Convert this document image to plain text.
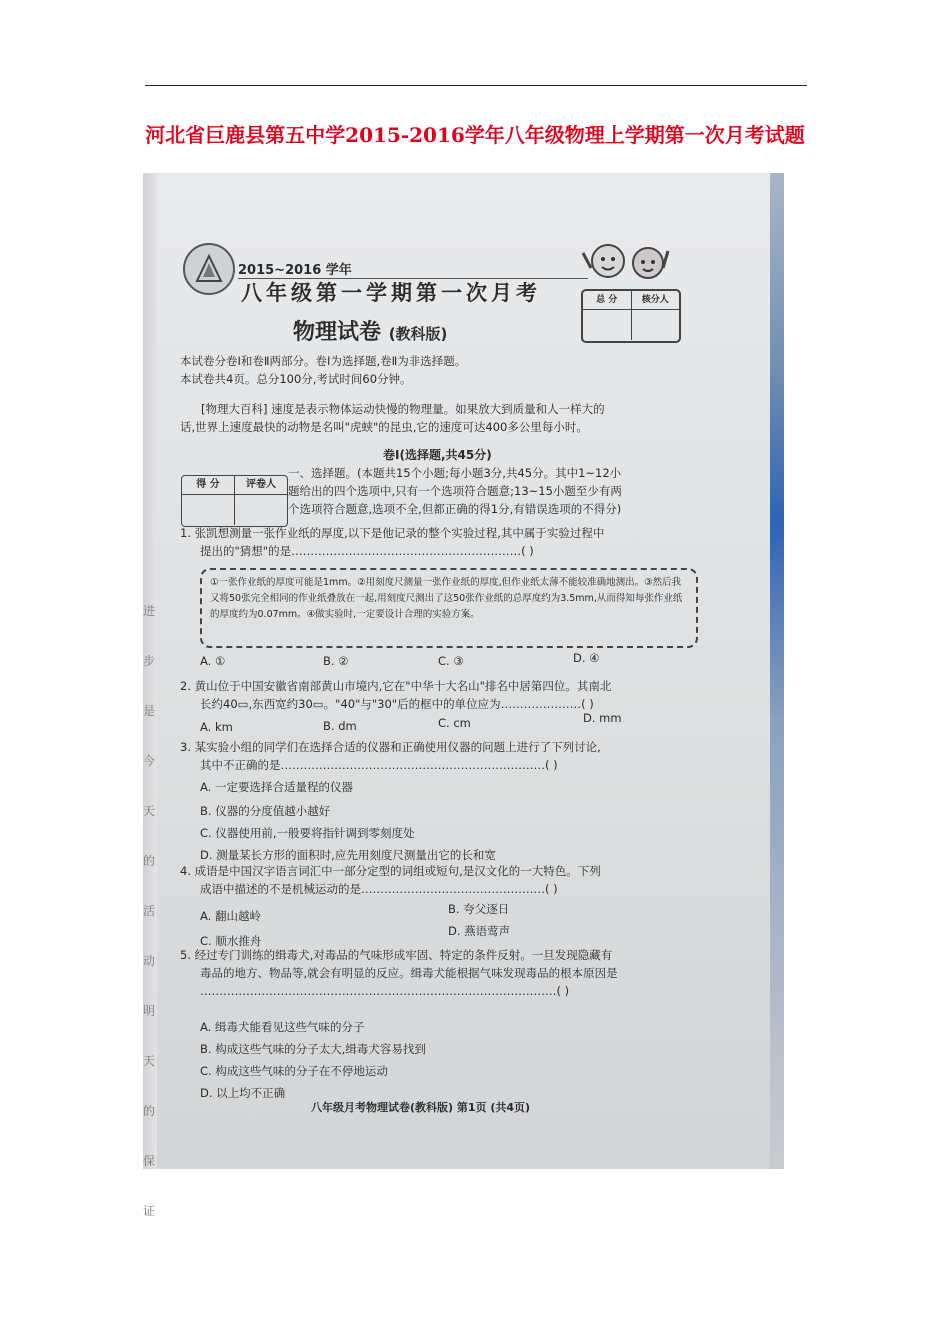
河北省巨鹿县第五中学2015-2016学年八年级物理上学期第一次月考试题
进
步
是
今
天
的
活
动
明
天
的
保
证
2015~2016 学年
八年级第一学期第一次月考	总 分	核分人
物理试卷 (教科版)
本试卷分卷Ⅰ和卷Ⅱ两部分。卷Ⅰ为选择题,卷Ⅱ为非选择题。
本试卷共4页。总分100分,考试时间60分钟。
[物理大百科] 速度是表示物体运动快慢的物理量。如果放大到质量和人一样大的
话,世界上速度最快的动物是名叫"虎蛱"的昆虫,它的速度可达400多公里每小时。
卷Ⅰ(选择题,共45分)
得 分	评卷人
一、选择题。(本题共15个小题;每小题3分,共45分。其中1~12小
题给出的四个选项中,只有一个选项符合题意;13~15小题至少有两
个选项符合题意,选项不全,但都正确的得1分,有错误选项的不得分)
1. 张凯想测量一张作业纸的厚度,以下是他记录的整个实验过程,其中属于实验过程中
提出的"猜想"的是……………………………………………………( )
①一张作业纸的厚度可能是1mm。②用刻度尺测量一张作业纸的厚度,但作业纸太薄不能较准确地测出。③然后我又将50张完全相同的作业纸叠放在一起,用刻度尺测出了这50张作业纸的总厚度约为3.5mm,从而得知每张作业纸的厚度约为0.07mm。④做实验时,一定要设计合理的实验方案。
A. ①	B. ②	C. ③	D. ④
2. 黄山位于中国安徽省南部黄山市境内,它在"中华十大名山"排名中居第四位。其南北
长约40▭,东西宽约30▭。"40"与"30"后的框中的单位应为…………………( )
A. km	B. dm	C. cm	D. mm
3. 某实验小组的同学们在选择合适的仪器和正确使用仪器的问题上进行了下列讨论,
其中不正确的是……………………………………………………………( )
A. 一定要选择合适量程的仪器
B. 仪器的分度值越小越好
C. 仪器使用前,一般要将指针调到零刻度处
D. 测量某长方形的面积时,应先用刻度尺测量出它的长和宽
4. 成语是中国汉字语言词汇中一部分定型的词组或短句,是汉文化的一大特色。下列
成语中描述的不是机械运动的是…………………………………………( )
A. 翻山越岭	B. 夸父逐日
C. 顺水推舟
D. 燕语莺声
5. 经过专门训练的缉毒犬,对毒品的气味形成牢固、特定的条件反射。一旦发现隐藏有
毒品的地方、物品等,就会有明显的反应。缉毒犬能根据气味发现毒品的根本原因是
…………………………………………………………………………………( )
A. 缉毒犬能看见这些气味的分子
B. 构成这些气味的分子太大,缉毒犬容易找到
C. 构成这些气味的分子在不停地运动
D. 以上均不正确
八年级月考物理试卷(教科版) 第1页 (共4页)
